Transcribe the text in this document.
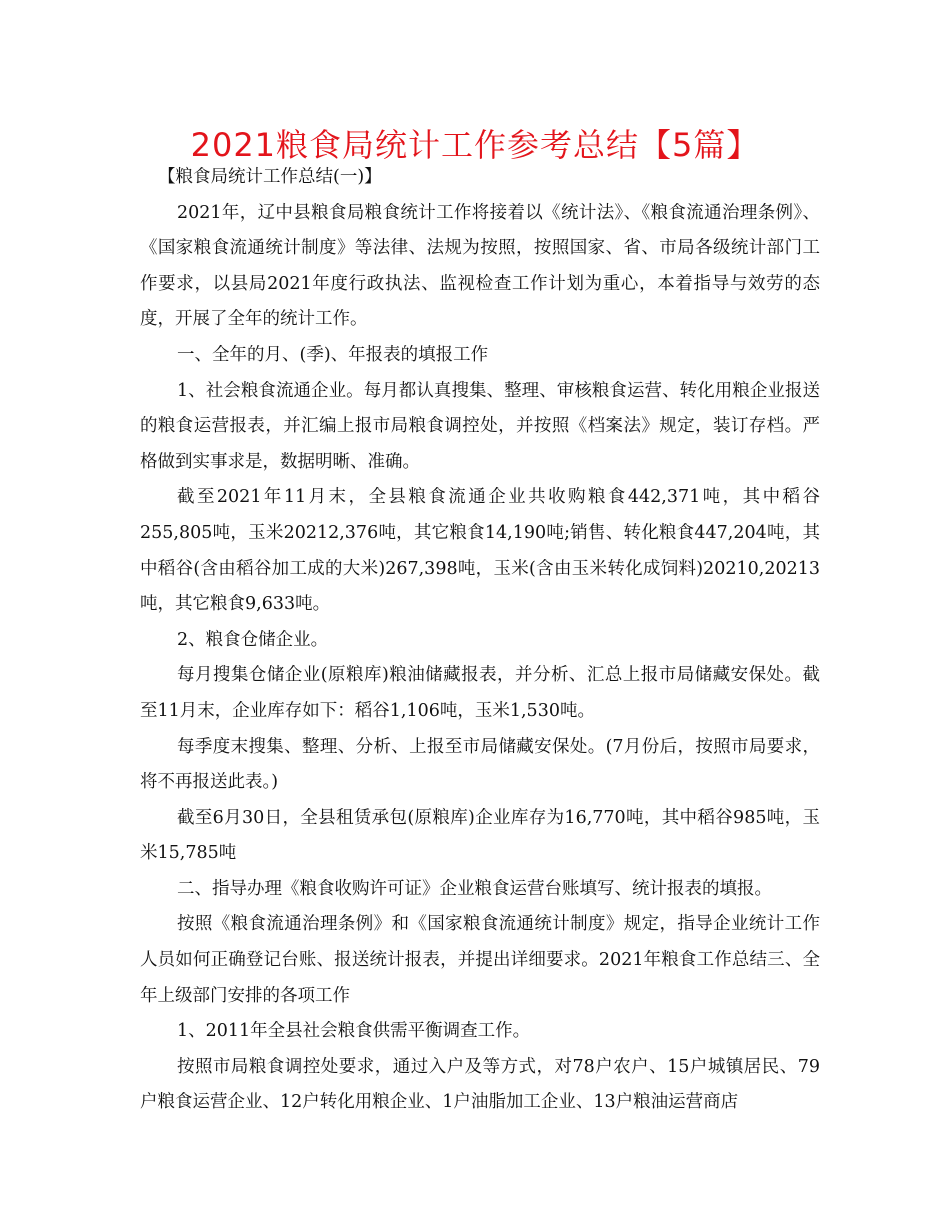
2021粮食局统计工作参考总结【5篇】

【粮食局统计工作总结(一)】

2021年，辽中县粮食局粮食统计工作将接着以《统计法》、《粮食流通治理条例》、《国家粮食流通统计制度》等法律、法规为按照，按照国家、省、市局各级统计部门工作要求，以县局2021年度行政执法、监视检查工作计划为重心，本着指导与效劳的态度，开展了全年的统计工作。

一、全年的月、(季)、年报表的填报工作

1、社会粮食流通企业。每月都认真搜集、整理、审核粮食运营、转化用粮企业报送的粮食运营报表，并汇编上报市局粮食调控处，并按照《档案法》规定，装订存档。严格做到实事求是，数据明晰、准确。

截至2021年11月末，全县粮食流通企业共收购粮食442,371吨，其中稻谷255,805吨，玉米20212,376吨，其它粮食14,190吨;销售、转化粮食447,204吨，其中稻谷(含由稻谷加工成的大米)267,398吨，玉米(含由玉米转化成饲料)20210,20213吨，其它粮食9,633吨。

2、粮食仓储企业。

每月搜集仓储企业(原粮库)粮油储藏报表，并分析、汇总上报市局储藏安保处。截至11月末，企业库存如下：稻谷1,106吨，玉米1,530吨。

每季度末搜集、整理、分析、上报至市局储藏安保处。(7月份后，按照市局要求，将不再报送此表。)

截至6月30日，全县租赁承包(原粮库)企业库存为16,770吨，其中稻谷985吨，玉米15,785吨

二、指导办理《粮食收购许可证》企业粮食运营台账填写、统计报表的填报。

按照《粮食流通治理条例》和《国家粮食流通统计制度》规定，指导企业统计工作人员如何正确登记台账、报送统计报表，并提出详细要求。2021年粮食工作总结三、全年上级部门安排的各项工作

1、2011年全县社会粮食供需平衡调查工作。

按照市局粮食调控处要求，通过入户及等方式，对78户农户、15户城镇居民、79户粮食运营企业、12户转化用粮企业、1户油脂加工企业、13户粮油运营商店
